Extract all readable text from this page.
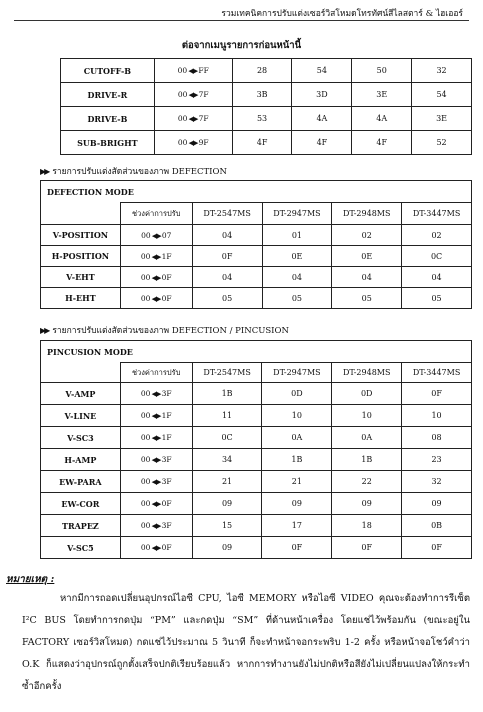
รวมเทคนิคการปรับแต่งเซอร์วิสโหมดโทรทัศน์สีไลสตาร์ & ไฮเออร์
ต่อจากเมนูรายการก่อนหน้านี้
CUTOFF-B	00 ◀▶ FF	28	54	50	32
DRIVE-R	00 ◀▶ 7F	3B	3D	3E	54
DRIVE-B	00 ◀▶ 7F	53	4A	4A	3E
SUB-BRIGHT	00 ◀▶ 9F	4F	4F	4F	52
▶▶ รายการปรับแต่งสัดส่วนของภาพ DEFECTION
DEFECTION MODE					
	ช่วงค่าการปรับ	DT-2547MS	DT-2947MS	DT-2948MS	DT-3447MS
V-POSITION	00 ◀▶ 07	04	01	02	02
H-POSITION	00 ◀▶ 1F	0F	0E	0E	0C
V-EHT	00 ◀▶ 0F	04	04	04	04
H-EHT	00 ◀▶ 0F	05	05	05	05
▶▶ รายการปรับแต่งสัดส่วนของภาพ DEFECTION / PINCUSION
PINCUSION MODE					
	ช่วงค่าการปรับ	DT-2547MS	DT-2947MS	DT-2948MS	DT-3447MS
V-AMP	00 ◀▶ 3F	1B	0D	0D	0F
V-LINE	00 ◀▶ 1F	11	10	10	10
V-SC3	00 ◀▶ 1F	0C	0A	0A	08
H-AMP	00 ◀▶ 3F	34	1B	1B	23
EW-PARA	00 ◀▶ 3F	21	21	22	32
EW-COR	00 ◀▶ 0F	09	09	09	09
TRAPEZ	00 ◀▶ 3F	15	17	18	0B
V-SC5	00 ◀▶ 0F	09	0F	0F	0F
หมายเหตุ :

หากมีการถอดเปลี่ยนอุปกรณ์ไอซี CPU, ไอซี MEMORY หรือไอซี VIDEO คุณจะต้องทำการรีเซ็ต I²C BUS โดยทำการกดปุ่ม “PM” และกดปุ่ม “SM” ที่ด้านหน้าเครื่อง โดยแช่ไว้พร้อมกัน (ขณะอยู่ใน FACTORY เซอร์วิสโหมด) กดแช่ไว้ประมาณ 5 วินาที ก็จะทำหน้าจอกระพริบ 1-2 ครั้ง หรือหน้าจอโชว์คำว่า O.K ก็แสดงว่าอุปกรณ์ถูกตั้งเสร็จปกติเรียบร้อยแล้ว หากการทำงานยังไม่ปกติหรือสียังไม่เปลี่ยนแปลงให้กระทำซ้ำอีกครั้ง
